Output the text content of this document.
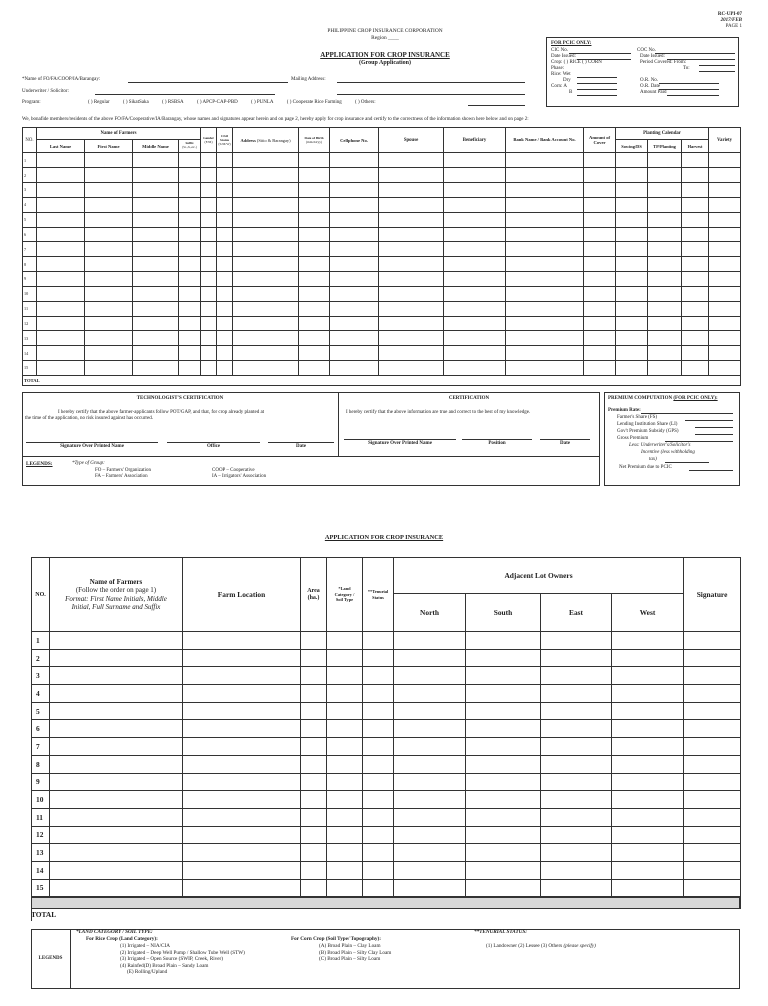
RC-UPI-07
2017/FEB
PAGE 1
PHILIPPINE CROP INSURANCE CORPORATION
Region ____
APPLICATION FOR CROP INSURANCE
(Group Application)
FOR PCIC ONLY:
CIC No.
Date Issued:
Crop: ( ) RICE ( ) CORN
Phase:
Rice: Wet
Dry
Corn: A
B
COC No.
Date Issued:
Period Covered: From:
To:
O.R. No.
O.R. Date
Amount Paid
*Name of FO/FA/COOP/IA/Barangay:	Mailing Address:
Underwriter / Solicitor:
Program:	( ) Regular	( ) SikatSaka	( ) RSBSA	( ) APCP-CAP-PBD	( ) PUNLA	( ) Cooperate Rice Farming	( ) Others:
We, bonafide members/residents of the above FO/FA/Cooperative/IA/Barangay, whose names and signatures appear herein and on page 2, hereby apply for crop insurance and certify to the correctness of the information shown here below and on page 2:
NO.	Name of Farmers				Gender
(F/M)	Civil Status
(S/M/W)	Address (Sitio & Barangay)	Date of Birth
(mm/dd/yy)	Cellphone No.	Spouse	Beneficiary	Bank Name / Bank Account No.	Amount of Cover	Planting Calendar			Variety
	Last Name	First Name	Middle Name	Suffix
(Sr.,Jr.,etc.)										Sowing/DS	TP/Planting	Harvest	
1																	
2																	
3																	
4																	
5																	
6																	
7																	
8																	
9																	
10																	
11																	
12																	
13																	
14																	
15																	
TOTAL																	
TECHNOLOGIST'S CERTIFICATION
I hereby certify that the above farmer-applicants follow POT/GAP, and that, for crop already planted at
the time of the application, no risk insured against has occurred.
Signature Over Printed Name	Office	Date
CERTIFICATION
I hereby certify that the above information are true and correct to the best of my knowledge.
Signature Over Printed Name	Position	Date
LEGENDS:	*Type of Group:
FO – Farmers' Organization
FA – Farmers' Association
COOP – Cooperative
IA – Irrigators' Association
PREMIUM COMPUTATION (FOR PCIC ONLY):
Premium Rate:
Farmer's Share (FS)
Lending Institution Share (LI)
Gov't Premium Subsidy (GPS)
Gross Premium
Less: Underwriter's/Solicitor's
Incentive (less withholding
tax)
Net Premium due to PCIC
APPLICATION FOR CROP INSURANCE
NO.	Name of Farmers
(Follow the order on page 1)
Format: First Name Initials, Middle
Initial, Full Surname and Suffix	Farm Location	Area
(ha.)	*Land
Category /
Soil Type	**Tenurial
Status	Adjacent Lot Owners				Signature
						North	South	East	West	
1										
2										
3										
4										
5										
6										
7										
8										
9										
10										
11										
12										
13										
14										
15										

TOTAL
LEGENDS
*LAND CATEGORY / SOIL TYPE:
For Rice Crop (Land Category):
(1) Irrigated – NIA/CIA
(2) Irrigated – Deep Well Pump / Shallow Tube Well (STW)
(3) Irrigated – Open Source (SWIP, Creek, River)
(4) Rainfed(D) Broad Plain – Sandy Loam
(E) Rolling/Upland
For Corn Crop (Soil Type/ Topography):
(A) Broad Plain – Clay Loam
(B) Broad Plain – Silty Clay Loam
(C) Broad Plain – Silty Loam
**TENURIAL STATUS:
(1) Landowner (2) Lessee (3) Others (please specify)
